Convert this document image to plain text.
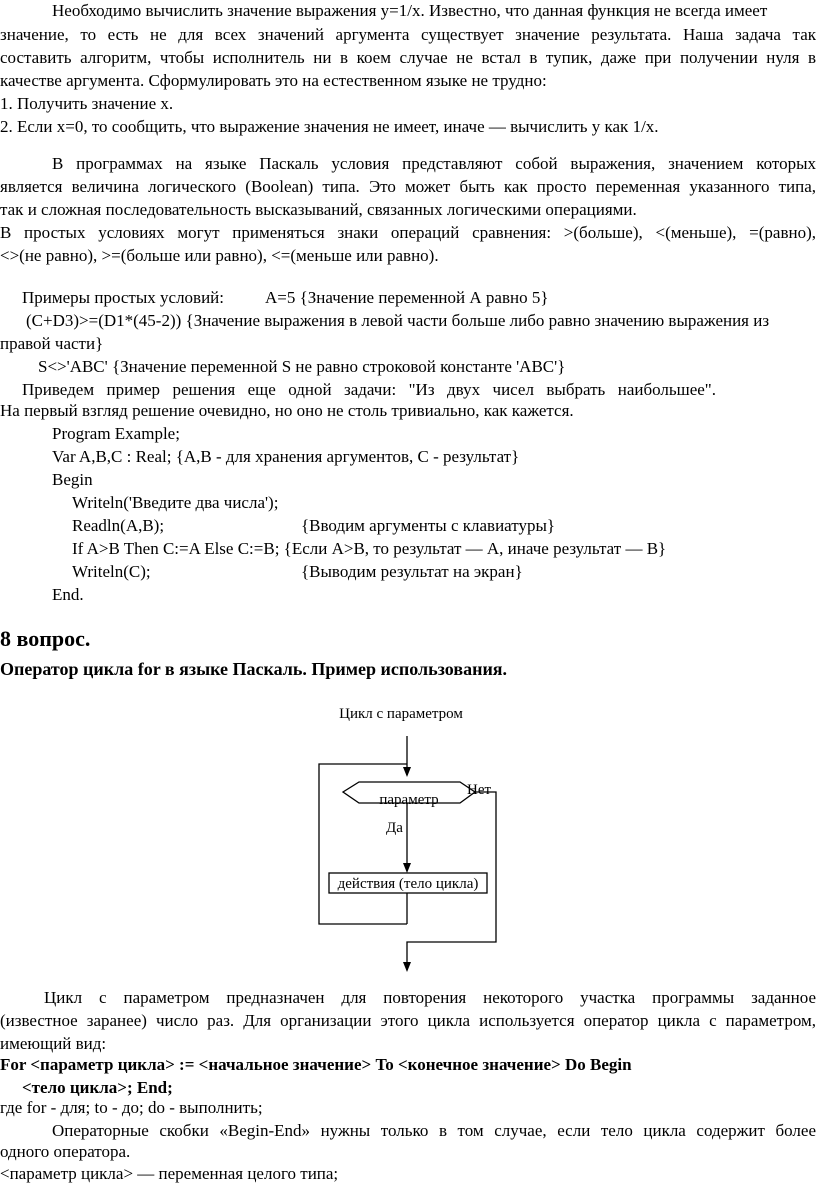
Необходимо вычислить значение выражения y=1/x. Известно, что данная функция не всегда имеет
значение, то есть не для всех значений аргумента существует значение результата. Наша задача так
составить алгоритм, чтобы исполнитель ни в коем случае не встал в тупик, даже при получении нуля в
качестве аргумента. Сформулировать это на естественном языке не трудно:
1. Получить значение x.
2. Если x=0, то сообщить, что выражение значения не имеет, иначе — вычислить y как 1/x.
В программах на языке Паскаль условия представляют собой выражения, значением которых
является величина логического (Boolean) типа. Это может быть как просто переменная указанного типа,
так и сложная последовательность высказываний, связанных логическими операциями.
В простых условиях могут применяться знаки операций сравнения: >(больше), <(меньше), =(равно),
<>(не равно), >=(больше или равно), <=(меньше или равно).
Примеры простых условий: A=5 {Значение переменной А равно 5}
(C+D3)>=(D1*(45-2)) {Значение выражения в левой части больше либо равно значению выражения из
правой части}
S<>'ABC' {Значение переменной S не равно строковой константе 'ABC'}
Приведем пример решения еще одной задачи: "Из двух чисел выбрать наибольшее".
На первый взгляд решение очевидно, но оно не столь тривиально, как кажется.
Program Example;
Var A,B,C : Real; {A,B - для хранения аргументов, C - результат}
Begin
Writeln('Введите два числа');
Readln(A,B);	{Вводим аргументы с клавиатуры}
If A>B Then C:=A Else C:=B; {Если A>B, то результат — A, иначе результат — B}
Writeln(C);	{Выводим результат на экран}
End.
8 вопрос.
Оператор цикла for в языке Паскаль. Пример использования.
Цикл с параметром
параметр
Нет
Да
действия (тело цикла)
Цикл с параметром предназначен для повторения некоторого участка программы заданное
(известное заранее) число раз. Для организации этого цикла используется оператор цикла с параметром,
имеющий вид:
For <параметр цикла> := <начальное значение> To <конечное значение> Do Begin
<тело цикла>; End;
где for - для; to - до; do - выполнить;
Операторные скобки «Begin-End» нужны только в том случае, если тело цикла содержит более
одного оператора.
<параметр цикла> — переменная целого типа;
